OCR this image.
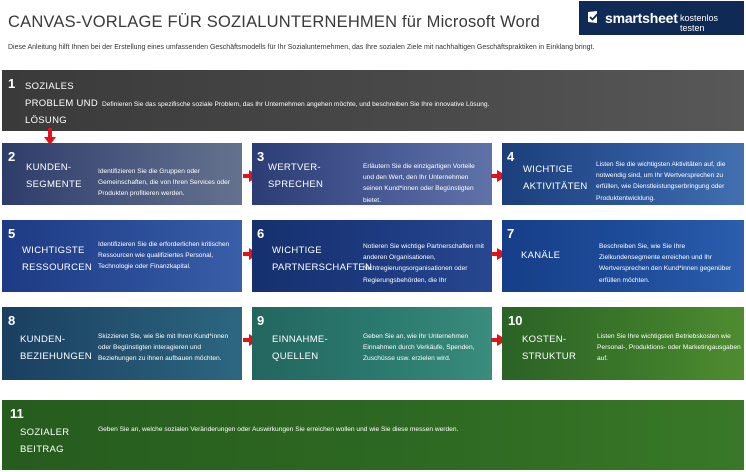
CANVAS-VORLAGE FÜR SOZIALUNTERNEHMEN für Microsoft Word
Diese Anleitung hilft Ihnen bei der Erstellung eines umfassenden Geschäftsmodells für Ihr Sozialunternehmen, das Ihre sozialen Ziele mit nachhaltigen Geschäftspraktiken in Einklang bringt.
smartsheet kostenlos testen
1 SOZIALES PROBLEM UND LÖSUNG
Definieren Sie das spezifische soziale Problem, das Ihr Unternehmen angehen möchte, und beschreiben Sie Ihre innovative Lösung.
2
KUNDEN-SEGMENTE
Identifizieren Sie die Gruppen oder Gemeinschaften, die von Ihren Services oder Produkten profitieren werden.
3
WERTVER-SPRECHEN
Erläutern Sie die einzigartigen Vorteile und den Wert, den Ihr Unternehmen seinen Kund*innen oder Begünstigten bietet.
4
WICHTIGE AKTIVITÄTEN
Listen Sie die wichtigsten Aktivitäten auf, die notwendig sind, um Ihr Wertversprechen zu erfüllen, wie Dienstleistungserbringung oder Produktentwicklung.
5
WICHTIGSTE RESSOURCEN
Identifizieren Sie die erforderlichen kritischen Ressourcen wie qualifiziertes Personal, Technologie oder Finanzkapital.
6
WICHTIGE PARTNERSCHAFTEN
Notieren Sie wichtige Partnerschaften mit anderen Organisationen, Nichtregierungsorganisationen oder Regierungsbehörden, die Ihr
7
KANÄLE
Beschreiben Sie, wie Sie Ihre Zielkundensegmente erreichen und Ihr Wertversprechen den Kund*innen gegenüber erfüllen möchten.
8
KUNDEN-BEZIEHUNGEN
Skizzieren Sie, wie Sie mit Ihren Kund*innen oder Begünstigten interagieren und Beziehungen zu ihnen aufbauen möchten.
9
EINNAHME-QUELLEN
Geben Sie an, wie Ihr Unternehmen Einnahmen durch Verkäufe, Spenden, Zuschüsse usw. erzielen wird.
10
KOSTEN-STRUKTUR
Listen Sie Ihre wichtigsten Betriebskosten wie Personal-, Produktions- oder Marketingausgaben auf.
11
SOZIALER BEITRAG
Geben Sie an, welche sozialen Veränderungen oder Auswirkungen Sie erreichen wollen und wie Sie diese messen werden.
